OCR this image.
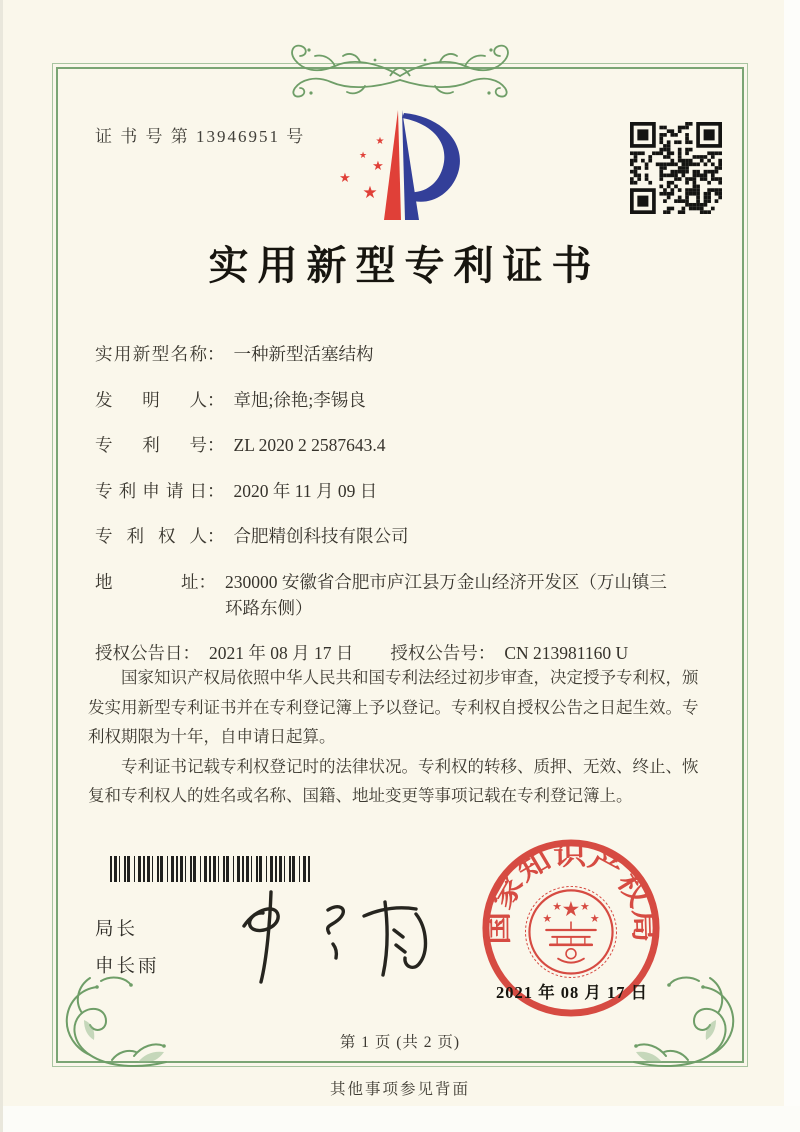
证 书 号 第 13946951 号	★
★
★
★
★
实用新型专利证书
实用新型名称 ： 一种新型活塞结构
发　明　人 ： 章旭;徐艳;李锡良
专　利　号 ： ZL 2020 2 2587643.4
专利申请日 ： 2020 年 11 月 09 日
专 利 权 人 ： 合肥精创科技有限公司
地　　　址 ： 230000 安徽省合肥市庐江县万金山经济开发区（万山镇三环路东侧）
授权公告日 ： 2021 年 08 月 17 日 授权公告号 ： CN 213981160 U

国家知识产权局依照中华人民共和国专利法经过初步审查，决定授予专利权，颁发实用新型专利证书并在专利登记簿上予以登记。专利权自授权公告之日起生效。专利权期限为十年，自申请日起算。

专利证书记载专利权登记时的法律状况。专利权的转移、质押、无效、终止、恢复和专利权人的姓名或名称、国籍、地址变更等事项记载在专利登记簿上。

局长
申长雨
国家知识产权局
★
★
★ ★
★
2021 年 08 月 17 日
第 1 页 (共 2 页)
其他事项参见背面
